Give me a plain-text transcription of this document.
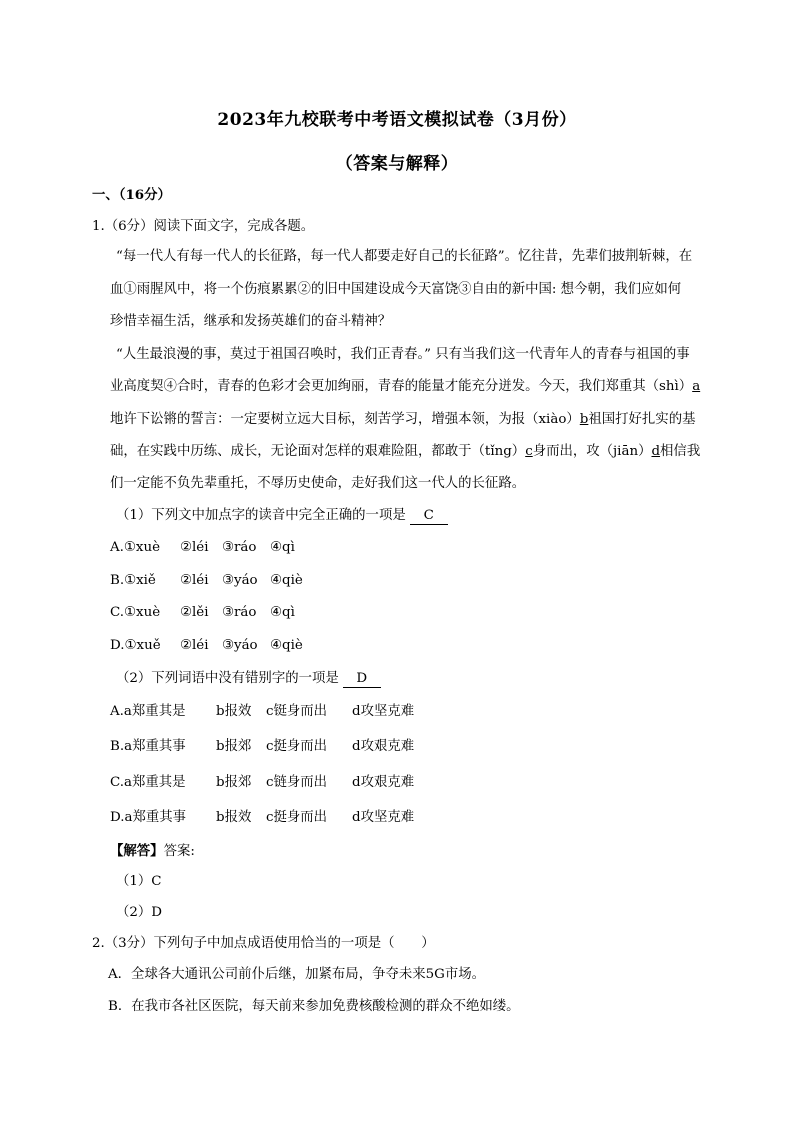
2023年九校联考中考语文模拟试卷（3月份）
（答案与解释）
一、（16分）
1.（6分）阅读下面文字，完成各题。
“每一代人有每一代人的长征路，每一代人都要走好自己的长征路”。忆往昔，先辈们披荆斩棘，在
血①雨腥风中，将一个伤痕累累②的旧中国建设成今天富饶③自由的新中国: 想今朝，我们应如何
珍惜幸福生活，继承和发扬英雄们的奋斗精神？
“人生最浪漫的事，莫过于祖国召唤时，我们正青春。” 只有当我们这一代青年人的青春与祖国的事
业高度契④合时，青春的色彩才会更加绚丽，青春的能量才能充分迸发。今天，我们郑重其（shì）a
地许下讼锵的誓言：一定要树立远大目标，刻苦学习，增强本领，为报（xiào）b祖国打好扎实的基
础，在实践中历练、成长，无论面对怎样的艰难险阻，都敢于（tǐng）c身而出，攻（jiān）d相信我
们一定能不负先辈重托，不辱历史使命，走好我们这一代人的长征路。
（1）下列文中加点字的读音中完全正确的一项是 C
A.①xuè ②léi ③ráo ④qì
B.①xiě ②léi ③yáo ④qiè
C.①xuè ②lěi ③ráo ④qì
D.①xuě ②léi ③yáo ④qiè
（2）下列词语中没有错别字的一项是 D
A.a郑重其是 b报效 c铤身而出 d攻坚克难
B.a郑重其事 b报郊 c挺身而出 d攻艰克难
C.a郑重其是 b报郊 c链身而出 d攻艰克难
D.a郑重其事 b报效 c挺身而出 d攻坚克难
【解答】答案:
（1）C
（2）D
2.（3分）下列句子中加点成语使用恰当的一项是（　　）
A．全球各大通讯公司前仆后继，加紧布局，争夺未来5G市场。
B．在我市各社区医院，每天前来参加免费核酸检测的群众不绝如缕。
